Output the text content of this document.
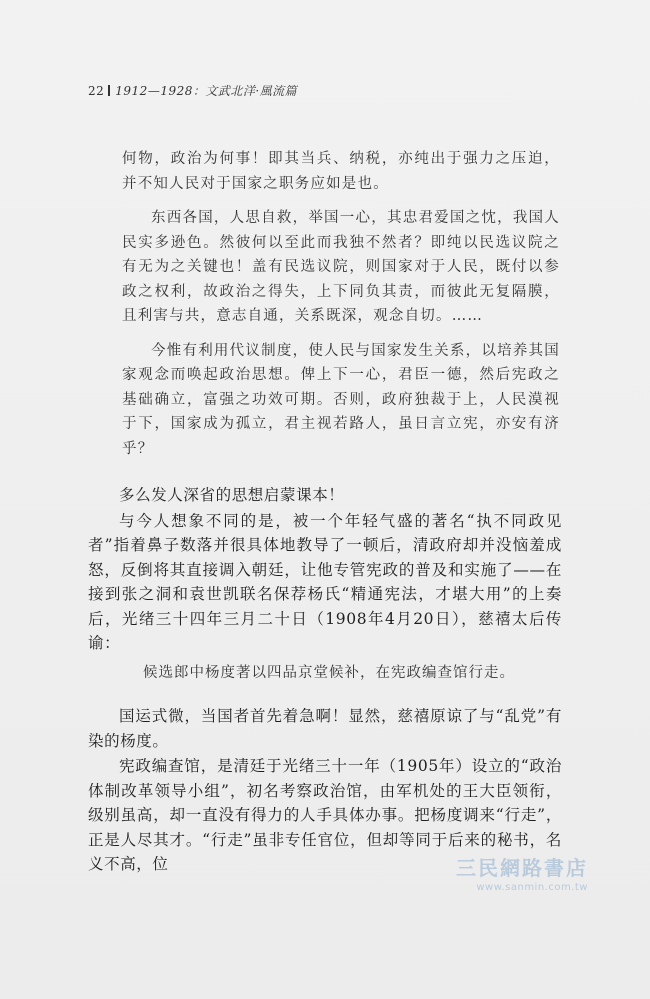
22 1912—1928：文武北洋·風流篇

何物，政治为何事！即其当兵、纳税，亦纯出于强力之压迫，并不知人民对于国家之职务应如是也。

东西各国，人思自救，举国一心，其忠君爱国之忱，我国人民实多逊色。然彼何以至此而我独不然者？即纯以民选议院之有无为之关键也！盖有民选议院，则国家对于人民，既付以参政之权利，故政治之得失，上下同负其责，而彼此无复隔膜，且利害与共，意志自通，关系既深，观念自切。……

今惟有利用代议制度，使人民与国家发生关系，以培养其国家观念而唤起政治思想。俾上下一心，君臣一德，然后宪政之基础确立，富强之功效可期。否则，政府独裁于上，人民漠视于下，国家成为孤立，君主视若路人，虽日言立宪，亦安有济乎？

多么发人深省的思想启蒙课本！

与今人想象不同的是，被一个年轻气盛的著名“执不同政见者”指着鼻子数落并很具体地教导了一顿后，清政府却并没恼羞成怒，反倒将其直接调入朝廷，让他专管宪政的普及和实施了——在接到张之洞和袁世凯联名保荐杨氏“精通宪法，才堪大用”的上奏后，光绪三十四年三月二十日（1908年4月20日），慈禧太后传谕：

候选郎中杨度著以四品京堂候补，在宪政编查馆行走。

国运式微，当国者首先着急啊！显然，慈禧原谅了与“乱党”有染的杨度。

宪政编查馆，是清廷于光绪三十一年（1905年）设立的“政治体制改革领导小组”，初名考察政治馆，由军机处的王大臣领衔，级别虽高，却一直没有得力的人手具体办事。把杨度调来“行走”，正是人尽其才。“行走”虽非专任官位，但却等同于后来的秘书，名义不高，位	三民網路書店
www.sanmin.com.tw
